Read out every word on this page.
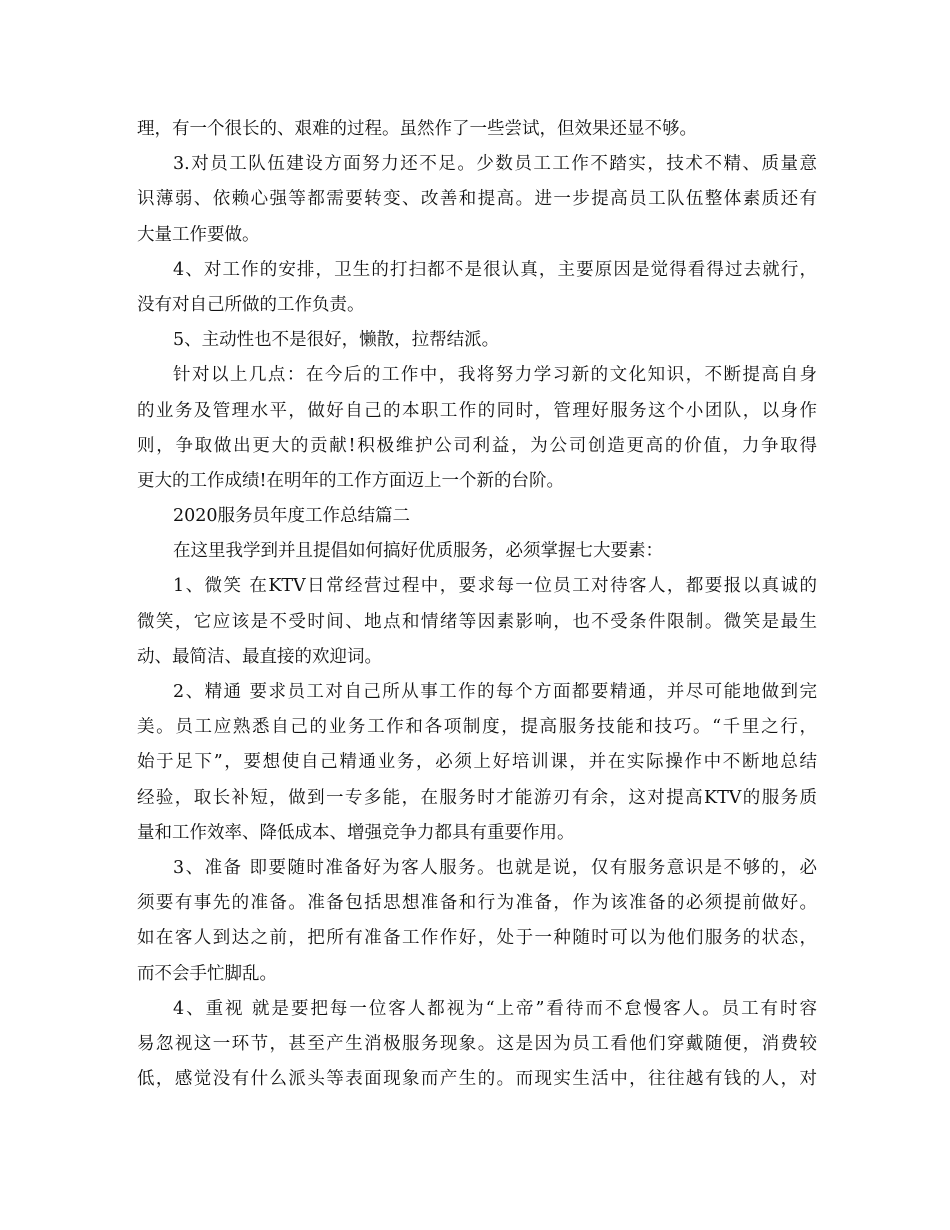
理，有一个很长的、艰难的过程。虽然作了一些尝试，但效果还显不够。
3.对员工队伍建设方面努力还不足。少数员工工作不踏实，技术不精、质量意
识薄弱、依赖心强等都需要转变、改善和提高。进一步提高员工队伍整体素质还有
大量工作要做。
4、对工作的安排，卫生的打扫都不是很认真，主要原因是觉得看得过去就行，
没有对自己所做的工作负责。
5、主动性也不是很好，懒散，拉帮结派。
针对以上几点：在今后的工作中，我将努力学习新的文化知识，不断提高自身
的业务及管理水平，做好自己的本职工作的同时，管理好服务这个小团队，以身作
则，争取做出更大的贡献!积极维护公司利益，为公司创造更高的价值，力争取得
更大的工作成绩!在明年的工作方面迈上一个新的台阶。
2020服务员年度工作总结篇二
在这里我学到并且提倡如何搞好优质服务，必须掌握七大要素：
1、微笑 在KTV日常经营过程中，要求每一位员工对待客人，都要报以真诚的
微笑，它应该是不受时间、地点和情绪等因素影响，也不受条件限制。微笑是最生
动、最简洁、最直接的欢迎词。
2、精通 要求员工对自己所从事工作的每个方面都要精通，并尽可能地做到完
美。员工应熟悉自己的业务工作和各项制度，提高服务技能和技巧。“千里之行，
始于足下”，要想使自己精通业务，必须上好培训课，并在实际操作中不断地总结
经验，取长补短，做到一专多能，在服务时才能游刃有余，这对提高KTV的服务质
量和工作效率、降低成本、增强竞争力都具有重要作用。
3、准备 即要随时准备好为客人服务。也就是说，仅有服务意识是不够的，必
须要有事先的准备。准备包括思想准备和行为准备，作为该准备的必须提前做好。
如在客人到达之前，把所有准备工作作好，处于一种随时可以为他们服务的状态，
而不会手忙脚乱。
4、重视 就是要把每一位客人都视为“上帝”看待而不怠慢客人。员工有时容
易忽视这一环节，甚至产生消极服务现象。这是因为员工看他们穿戴随便，消费较
低，感觉没有什么派头等表面现象而产生的。而现实生活中，往往越有钱的人，对
